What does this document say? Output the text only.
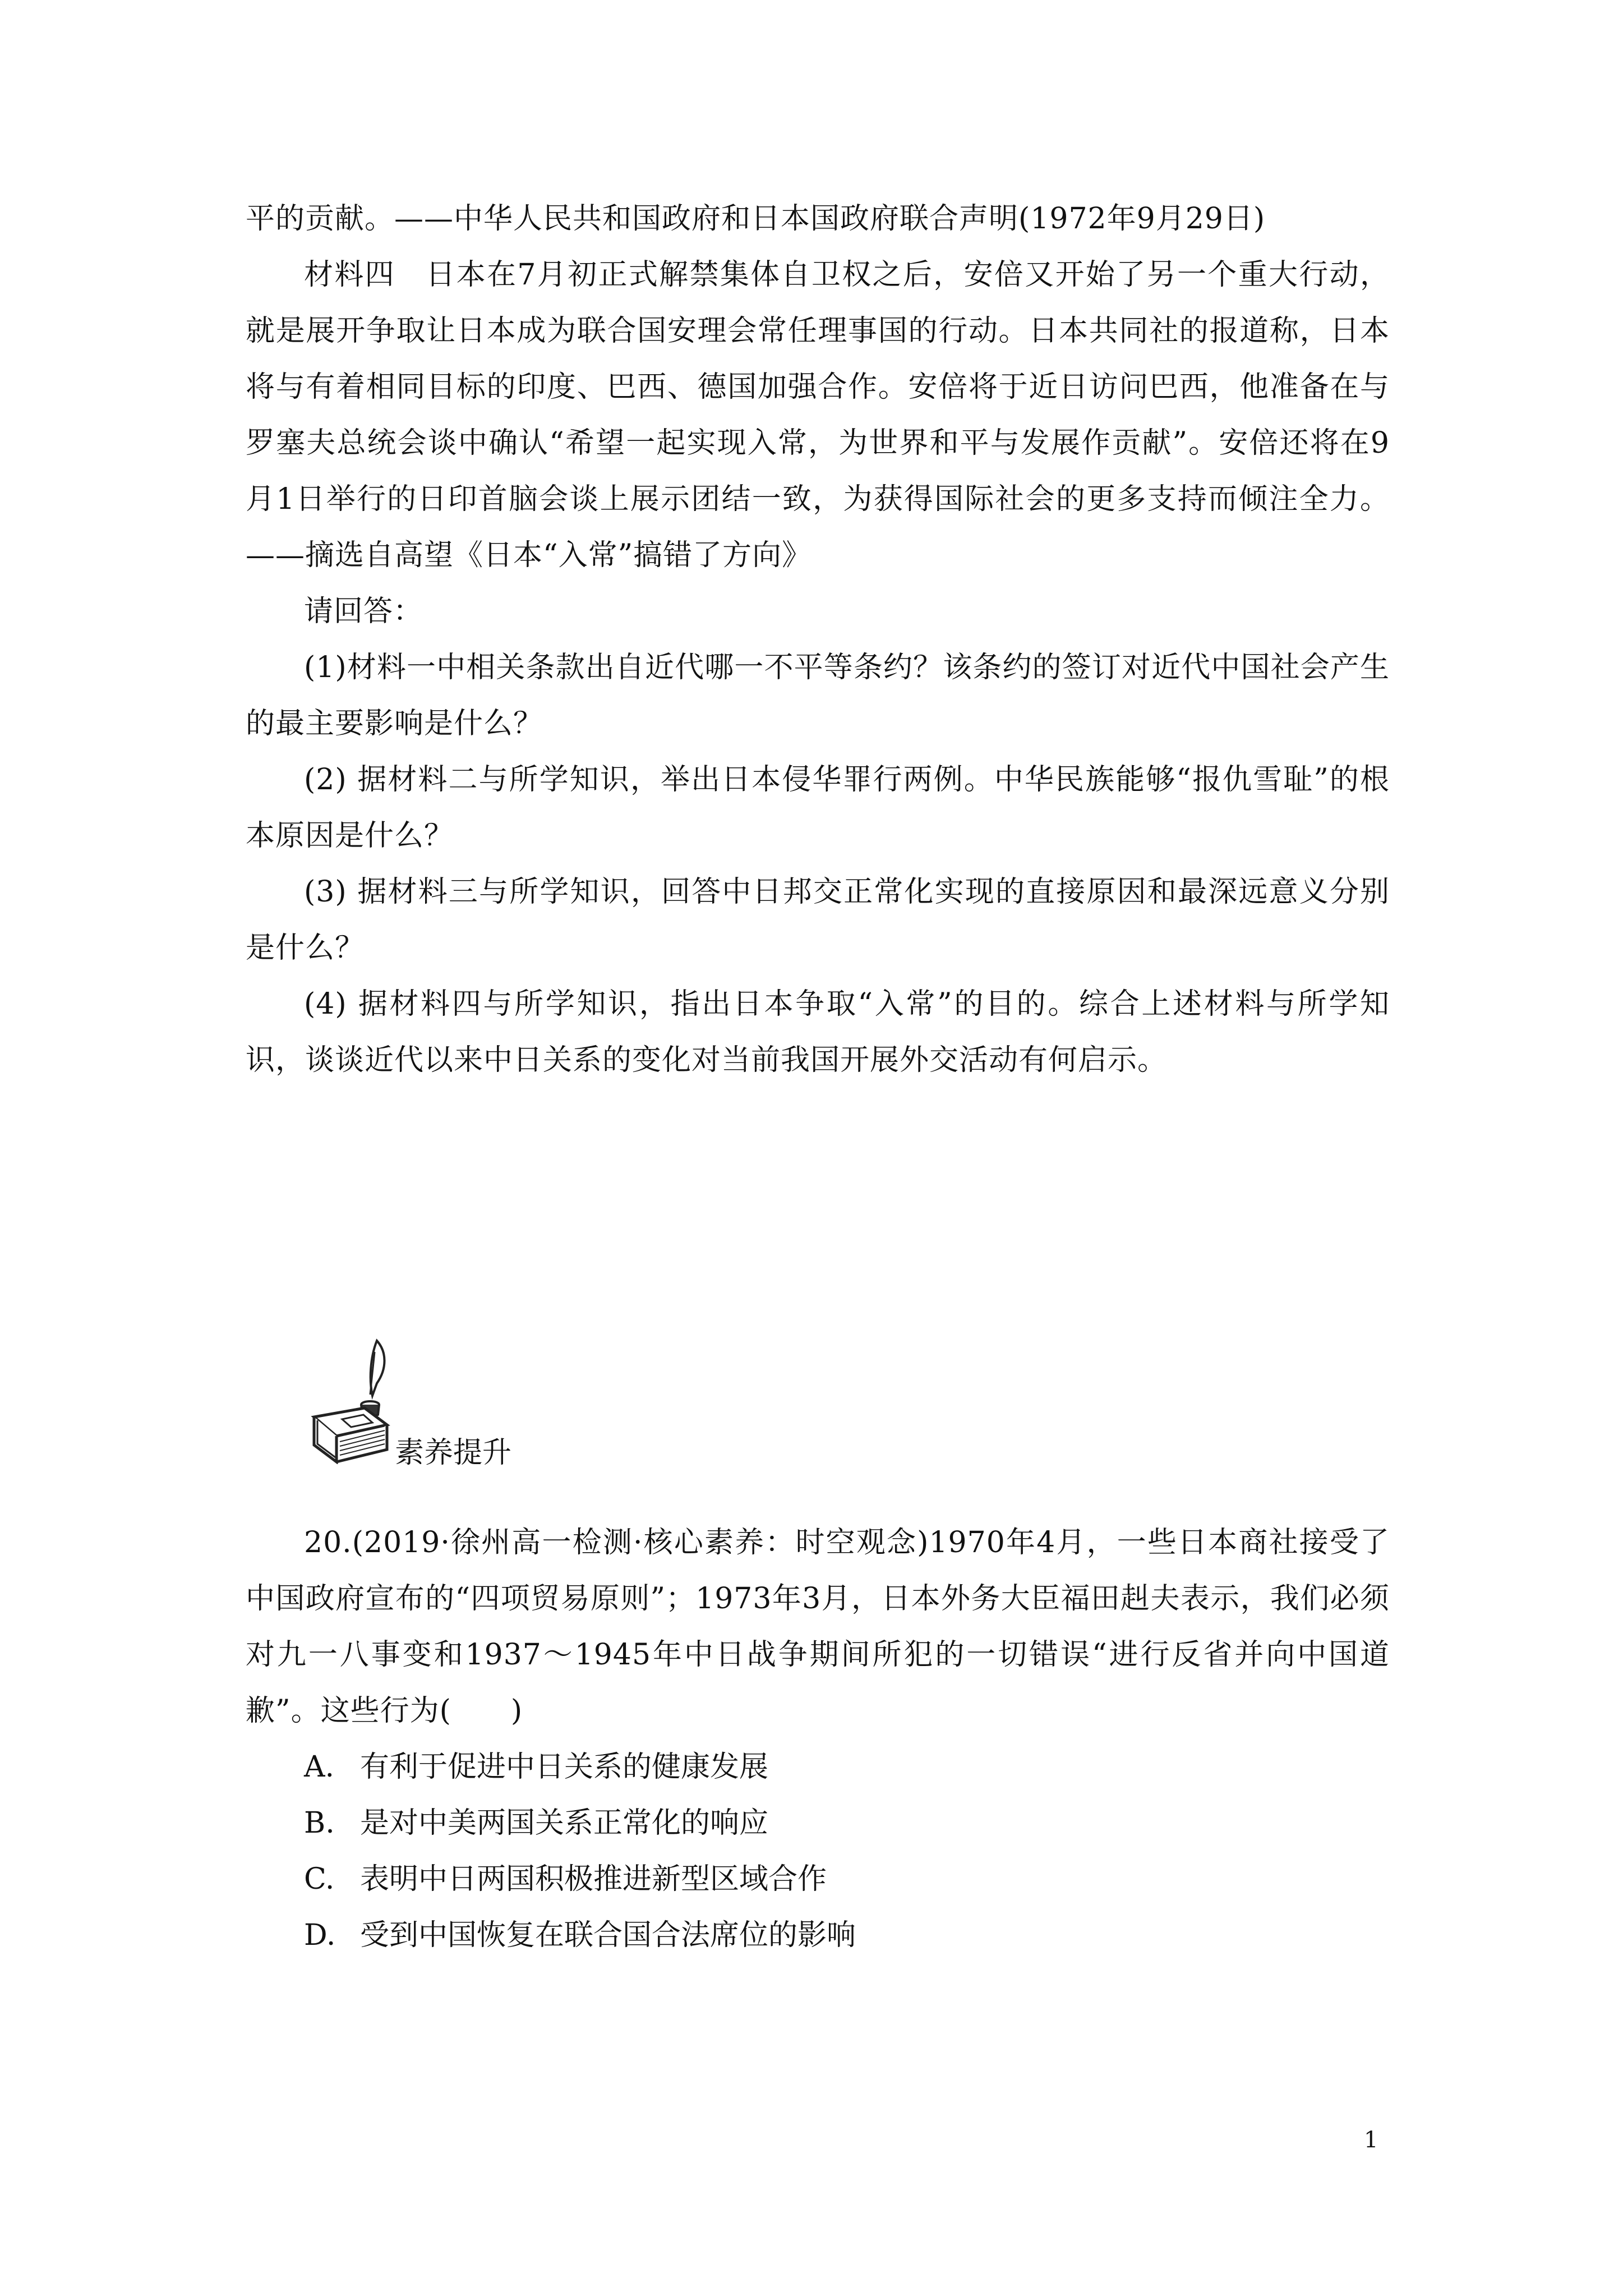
平的贡献。——中华人民共和国政府和日本国政府联合声明(1972年9月29日)

材料四　日本在7月初正式解禁集体自卫权之后，安倍又开始了另一个重大行动，就是展开争取让日本成为联合国安理会常任理事国的行动。日本共同社的报道称，日本将与有着相同目标的印度、巴西、德国加强合作。安倍将于近日访问巴西，他准备在与罗塞夫总统会谈中确认“希望一起实现入常，为世界和平与发展作贡献”。安倍还将在9月1日举行的日印首脑会谈上展示团结一致，为获得国际社会的更多支持而倾注全力。——摘选自高望《日本“入常”搞错了方向》

请回答：

(1)材料一中相关条款出自近代哪一不平等条约？该条约的签订对近代中国社会产生的最主要影响是什么？

(2) 据材料二与所学知识，举出日本侵华罪行两例。中华民族能够“报仇雪耻”的根本原因是什么？

(3) 据材料三与所学知识，回答中日邦交正常化实现的直接原因和最深远意义分别是什么？

(4) 据材料四与所学知识，指出日本争取“入常”的目的。综合上述材料与所学知识，谈谈近代以来中日关系的变化对当前我国开展外交活动有何启示。

素养提升

20.(2019·徐州高一检测·核心素养：时空观念)1970年4月，一些日本商社接受了中国政府宣布的“四项贸易原则”；1973年3月，日本外务大臣福田赳夫表示，我们必须对九一八事变和1937～1945年中日战争期间所犯的一切错误“进行反省并向中国道歉”。这些行为(　　)

A. 有利于促进中日关系的健康发展

B. 是对中美两国关系正常化的响应

C. 表明中日两国积极推进新型区域合作

D. 受到中国恢复在联合国合法席位的影响

1
